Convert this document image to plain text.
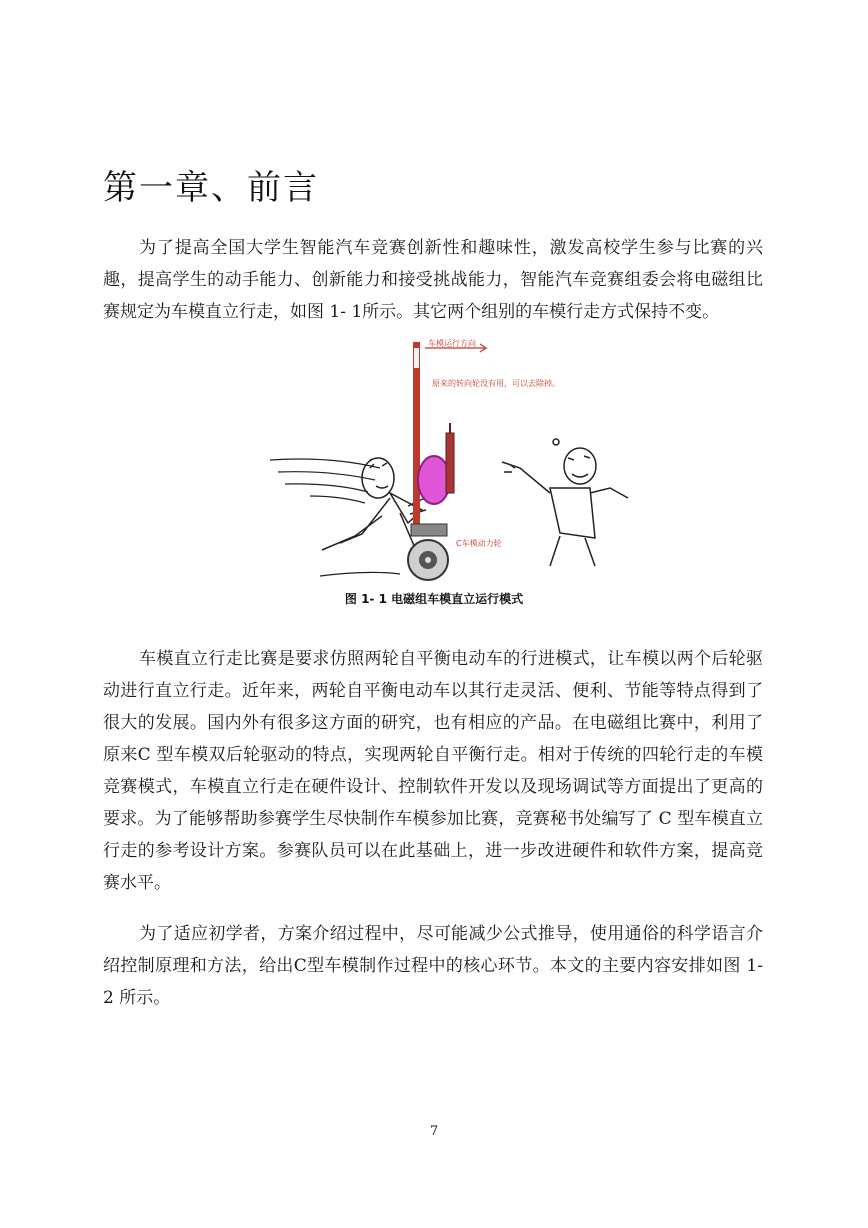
第一章、前言

为了提高全国大学生智能汽车竞赛创新性和趣味性，激发高校学生参与比赛的兴趣，提高学生的动手能力、创新能力和接受挑战能力，智能汽车竞赛组委会将电磁组比赛规定为车模直立行走，如图 1- 1所示。其它两个组别的车模行走方式保持不变。

车模运行方向
原来的转向轮没有用，可以去除掉。
C车模动力轮
图 1- 1 电磁组车模直立运行模式

车模直立行走比赛是要求仿照两轮自平衡电动车的行进模式，让车模以两个后轮驱动进行直立行走。近年来，两轮自平衡电动车以其行走灵活、便利、节能等特点得到了很大的发展。国内外有很多这方面的研究，也有相应的产品。在电磁组比赛中，利用了原来C 型车模双后轮驱动的特点，实现两轮自平衡行走。相对于传统的四轮行走的车模竞赛模式，车模直立行走在硬件设计、控制软件开发以及现场调试等方面提出了更高的要求。为了能够帮助参赛学生尽快制作车模参加比赛，竞赛秘书处编写了 C 型车模直立行走的参考设计方案。参赛队员可以在此基础上，进一步改进硬件和软件方案，提高竞赛水平。

为了适应初学者，方案介绍过程中，尽可能减少公式推导，使用通俗的科学语言介绍控制原理和方法，给出C型车模制作过程中的核心环节。本文的主要内容安排如图 1- 2 所示。

7
